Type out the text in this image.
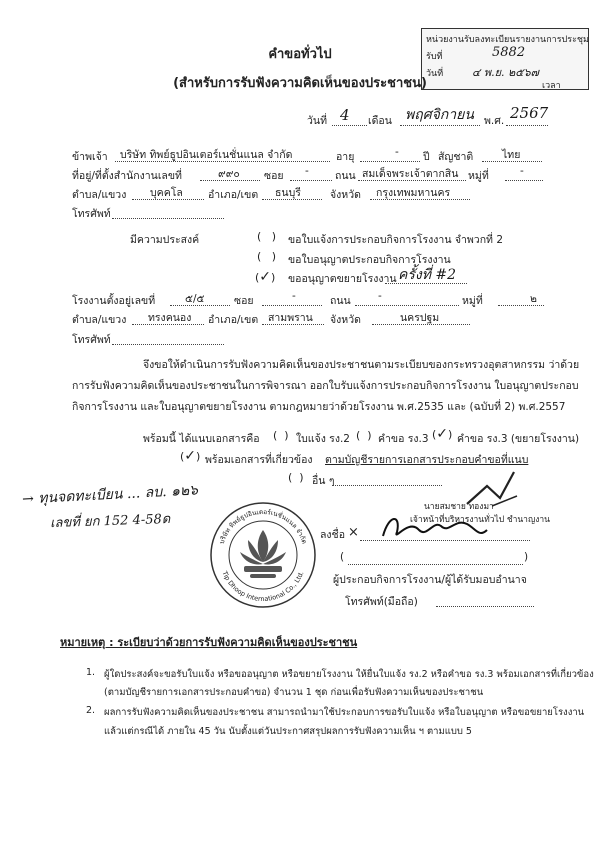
หน่วยงานรับลงทะเบียนรายงานการประชุม
รับที่	5882
วันที่	๔ พ.ย. ๒๕๖๗
เวลา
คำขอทั่วไป
(สำหรับการรับฟังความคิดเห็นของประชาชน)
วันที่ 4 เดือน พฤศจิกายน พ.ศ. 2567
ข้าพเจ้า บริษัท ทิพย์ธูปอินเตอร์เนชั่นแนล จำกัด	อายุ	- ปี สัญชาติ	ไทย
ที่อยู่/ที่ตั้งสำนักงานเลขที่	๙๙๐ ซอย - ถนน สมเด็จพระเจ้าตากสิน หมู่ที่	-
ตำบล/แขวง บุคคโล อำเภอ/เขต ธนบุรี	จังหวัด กรุงเทพมหานคร
โทรศัพท์
มีความประสงค์	( ) ขอใบแจ้งการประกอบกิจการโรงงาน จำพวกที่ 2
( ) ขอใบอนุญาตประกอบกิจการโรงงาน
(✓) ขออนุญาตขยายโรงงาน ครั้งที่ #2
โรงงานตั้งอยู่เลขที่	๕/๕	ซอย	-	ถนน	-	หมู่ที่	๒
ตำบล/แขวง ทรงคนอง อำเภอ/เขต สามพราน จังหวัด	นครปฐม
โทรศัพท์
จึงขอให้ดำเนินการรับฟังความคิดเห็นของประชาชนตามระเบียบของกระทรวงอุตสาหกรรม ว่าด้วย
การรับฟังความคิดเห็นของประชาชนในการพิจารณา ออกใบรับแจ้งการประกอบกิจการโรงงาน ใบอนุญาตประกอบ
กิจการโรงงาน และใบอนุญาตขยายโรงงาน ตามกฎหมายว่าด้วยโรงงาน พ.ศ.2535 และ (ฉบับที่ 2) พ.ศ.2557
พร้อมนี้ ได้แนบเอกสารคือ ( ) ใบแจ้ง รง.2 ( ) คำขอ รง.3 (✓) คำขอ รง.3 (ขยายโรงงาน)
(✓) พร้อมเอกสารที่เกี่ยวข้อง ตามบัญชีรายการเอกสารประกอบคำขอที่แนบ
( ) อื่น ๆ
→ ทุนจดทะเบียน ... ลบ. ๑๒๖
เลขที่ ยก 152 4-58ด
นายสมชาย ทองมา
เจ้าหน้าที่บริหารงานทั่วไป ชำนาญงาน
บริษัท ทิพย์ธูปอินเตอร์เนชั่นแนล จำกัด
Tip Dhoop International Co., Ltd.
ลงชื่อ ×
(	)
ผู้ประกอบกิจการโรงงาน/ผู้ได้รับมอบอำนาจ
โทรศัพท์(มือถือ)
หมายเหตุ : ระเบียบว่าด้วยการรับฟังความคิดเห็นของประชาชน
1. ผู้ใดประสงค์จะขอรับใบแจ้ง หรือขออนุญาต หรือขยายโรงงาน ให้ยื่นใบแจ้ง รง.2 หรือคำขอ รง.3 พร้อมเอกสารที่เกี่ยวข้อง
(ตามบัญชีรายการเอกสารประกอบคำขอ) จำนวน 1 ชุด ก่อนเพื่อรับฟังความเห็นของประชาชน
2. ผลการรับฟังความคิดเห็นของประชาชน สามารถนำมาใช้ประกอบการขอรับใบแจ้ง หรือใบอนุญาต หรือขอขยายโรงงาน
แล้วแต่กรณีได้ ภายใน 45 วัน นับตั้งแต่วันประกาศสรุปผลการรับฟังความเห็น ฯ ตามแบบ 5
